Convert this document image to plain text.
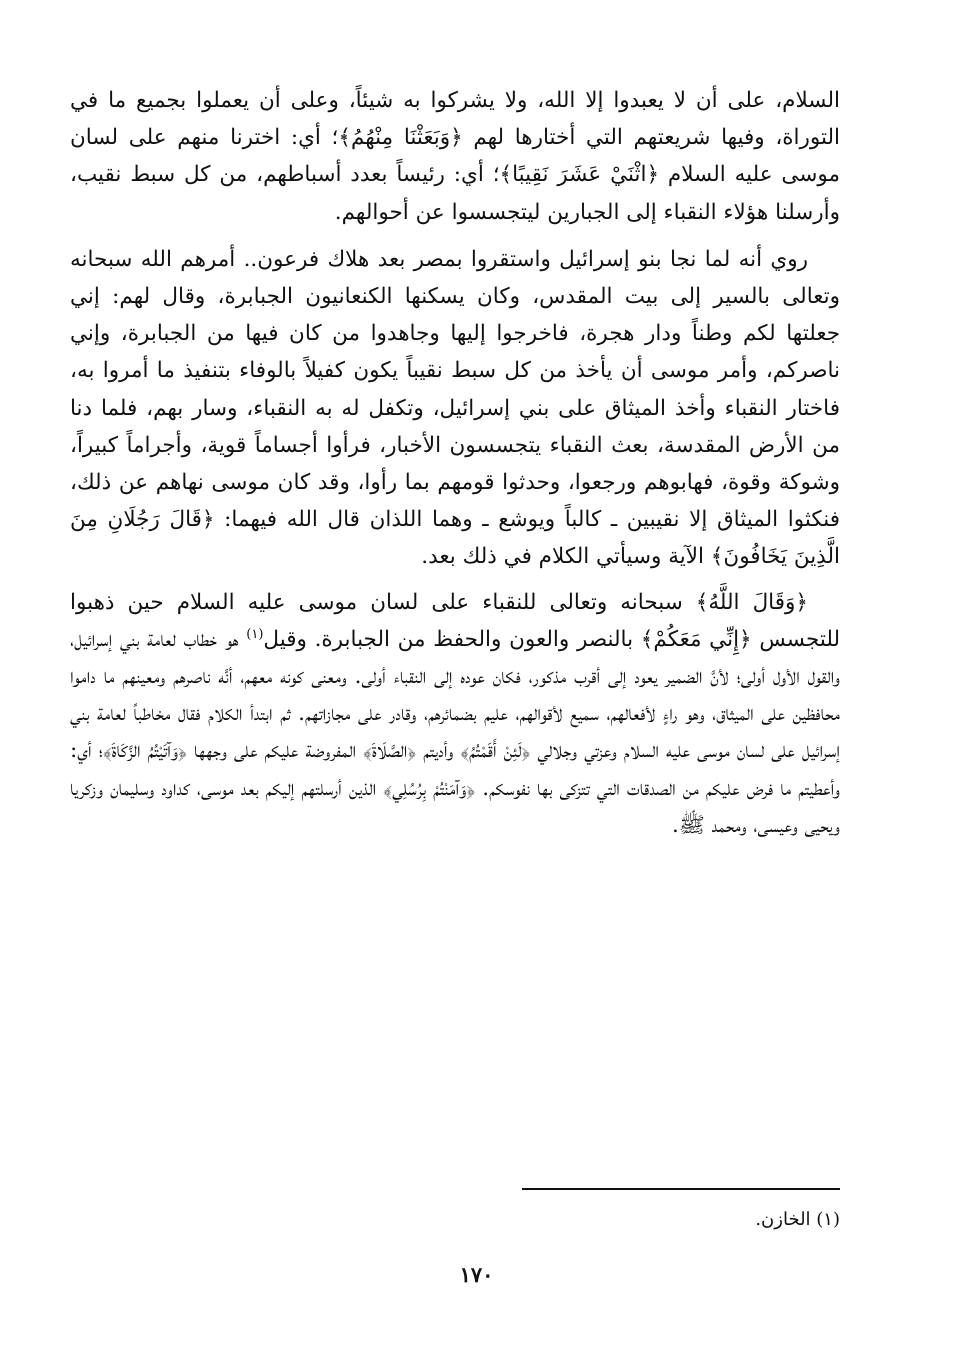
السلام، على أن لا يعبدوا إلا الله، ولا يشركوا به شيئاً، وعلى أن يعملوا بجميع ما في التوراة، وفيها شريعتهم التي أختارها لهم ﴿وَبَعَثْنَا مِنْهُمُ﴾؛ أي: اخترنا منهم على لسان موسى عليه السلام ﴿اثْنَيْ عَشَرَ نَقِيبًا﴾؛ أي: رئيساً بعدد أسباطهم، من كل سبط نقيب، وأرسلنا هؤلاء النقباء إلى الجبارين ليتجسسوا عن أحوالهم.

روي أنه لما نجا بنو إسرائيل واستقروا بمصر بعد هلاك فرعون.. أمرهم الله سبحانه وتعالى بالسير إلى بيت المقدس، وكان يسكنها الكنعانيون الجبابرة، وقال لهم: إني جعلتها لكم وطناً ودار هجرة، فاخرجوا إليها وجاهدوا من كان فيها من الجبابرة، وإني ناصركم، وأمر موسى أن يأخذ من كل سبط نقيباً يكون كفيلاً بالوفاء بتنفيذ ما أمروا به، فاختار النقباء وأخذ الميثاق على بني إسرائيل، وتكفل له به النقباء، وسار بهم، فلما دنا من الأرض المقدسة، بعث النقباء يتجسسون الأخبار، فرأوا أجساماً قوية، وأجراماً كبيراً، وشوكة وقوة، فهابوهم ورجعوا، وحدثوا قومهم بما رأوا، وقد كان موسى نهاهم عن ذلك، فنكثوا الميثاق إلا نقيبين ـ كالباً ويوشع ـ وهما اللذان قال الله فيهما: ﴿قَالَ رَجُلَانِ مِنَ الَّذِينَ يَخَافُونَ﴾ الآية وسيأتي الكلام في ذلك بعد.

﴿وَقَالَ اللَّهُ﴾ سبحانه وتعالى للنقباء على لسان موسى عليه السلام حين ذهبوا للتجسس ﴿إِنِّي مَعَكُمْ﴾ بالنصر والعون والحفظ من الجبابرة. وقيل$^{(١)}$ هو خطاب لعامة بني إسرائيل، والقول الأول أولى؛ لأنَّ الضمير يعود إلى أقرب مذكور، فكان عوده إلى النقباء أولى. ومعنى كونه معهم، أنَّه ناصرهم ومعينهم ما داموا محافظين على الميثاق، وهو راءٍ لأفعالهم، سميع لأقوالهم، عليم بضمائرهم، وقادر على مجازاتهم. ثم ابتدأ الكلام فقال مخاطباً لعامة بني إسرائيل على لسان موسى عليه السلام وعزتي وجلالي ﴿لَئِنْ أَقَمْتُمُ﴾ وأديتم ﴿الصَّلَاةَ﴾ المفروضة عليكم على وجهها ﴿وَآتَيْتُمُ الزَّكَاةَ﴾؛ أي: وأعطيتم ما فرض عليكم من الصدقات التي تتزكى بها نفوسكم. ﴿وَآمَنْتُمْ بِرُسُلِي﴾ الذين أرسلتهم إليكم بعد موسى، كداود وسليمان وزكريا ويحيى وعيسى، ومحمد ﷺ.

(١) الخازن.
١٧٠
